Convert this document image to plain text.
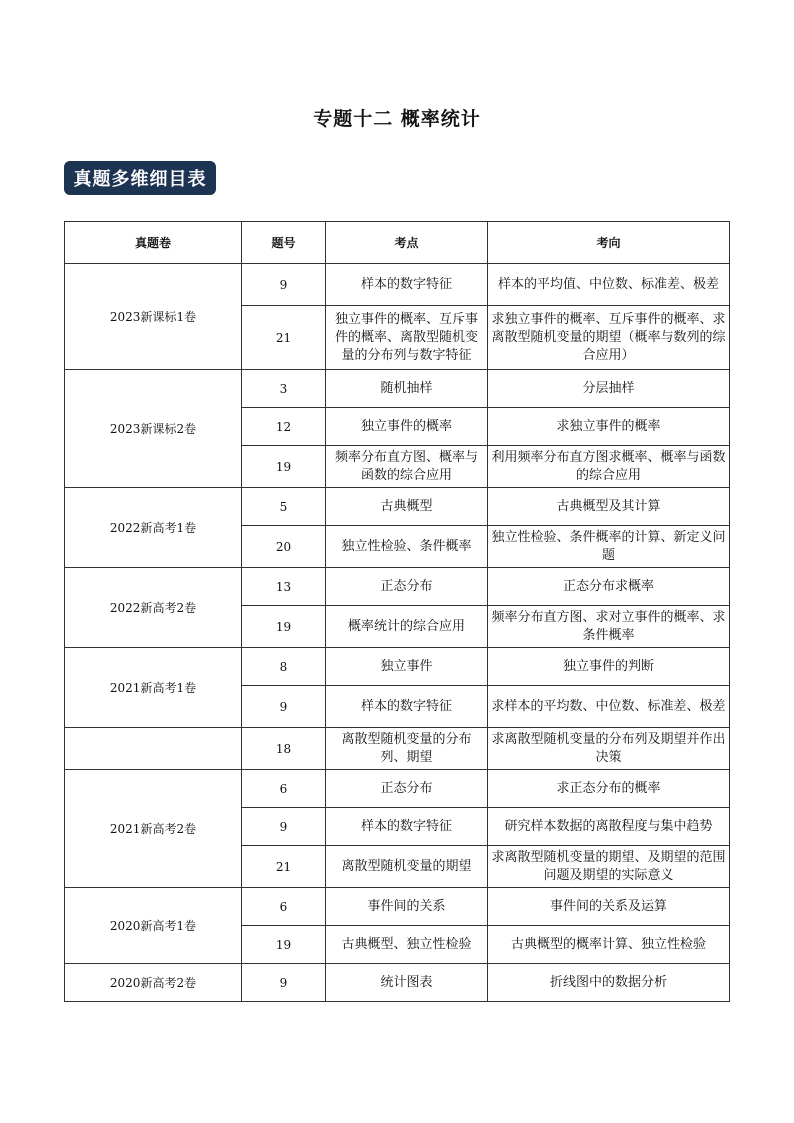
专题十二 概率统计
真题多维细目表
真题卷	题号	考点	考向
2023新课标1卷	9	样本的数字特征	样本的平均值、中位数、标准差、极差
	21	独立事件的概率、互斥事件的概率、离散型随机变量的分布列与数字特征	求独立事件的概率、互斥事件的概率、求离散型随机变量的期望（概率与数列的综合应用）
2023新课标2卷	3	随机抽样	分层抽样
	12	独立事件的概率	求独立事件的概率
	19	频率分布直方图、概率与函数的综合应用	利用频率分布直方图求概率、概率与函数的综合应用
2022新高考1卷	5	古典概型	古典概型及其计算
	20	独立性检验、条件概率	独立性检验、条件概率的计算、新定义问题
2022新高考2卷	13	正态分布	正态分布求概率
	19	概率统计的综合应用	频率分布直方图、求对立事件的概率、求条件概率
2021新高考1卷	8	独立事件	独立事件的判断
	9	样本的数字特征	求样本的平均数、中位数、标准差、极差
	18	离散型随机变量的分布列、期望	求离散型随机变量的分布列及期望并作出决策
2021新高考2卷	6	正态分布	求正态分布的概率
	9	样本的数字特征	研究样本数据的离散程度与集中趋势
	21	离散型随机变量的期望	求离散型随机变量的期望、及期望的范围问题及期望的实际意义
2020新高考1卷	6	事件间的关系	事件间的关系及运算
	19	古典概型、独立性检验	古典概型的概率计算、独立性检验
2020新高考2卷	9	统计图表	折线图中的数据分析
